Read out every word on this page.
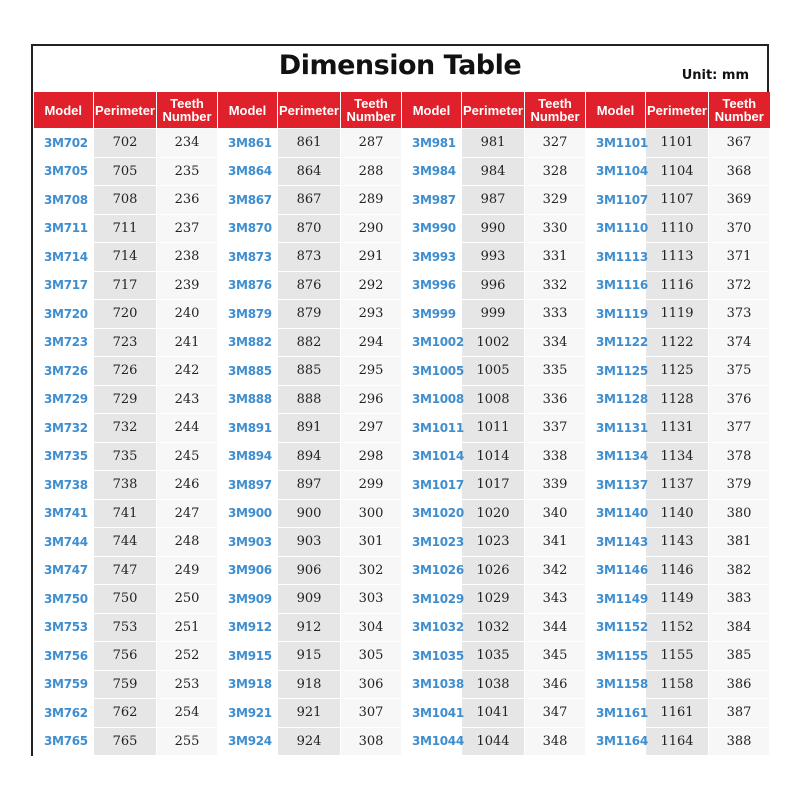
Dimension Table	Unit: mm
Model	Perimeter	Teeth Number	Model	Perimeter	Teeth Number	Model	Perimeter	Teeth Number	Model	Perimeter	Teeth Number
3M702	702	234	3M861	861	287	3M981	981	327	3M1101	1101	367
3M705	705	235	3M864	864	288	3M984	984	328	3M1104	1104	368
3M708	708	236	3M867	867	289	3M987	987	329	3M1107	1107	369
3M711	711	237	3M870	870	290	3M990	990	330	3M1110	1110	370
3M714	714	238	3M873	873	291	3M993	993	331	3M1113	1113	371
3M717	717	239	3M876	876	292	3M996	996	332	3M1116	1116	372
3M720	720	240	3M879	879	293	3M999	999	333	3M1119	1119	373
3M723	723	241	3M882	882	294	3M1002	1002	334	3M1122	1122	374
3M726	726	242	3M885	885	295	3M1005	1005	335	3M1125	1125	375
3M729	729	243	3M888	888	296	3M1008	1008	336	3M1128	1128	376
3M732	732	244	3M891	891	297	3M1011	1011	337	3M1131	1131	377
3M735	735	245	3M894	894	298	3M1014	1014	338	3M1134	1134	378
3M738	738	246	3M897	897	299	3M1017	1017	339	3M1137	1137	379
3M741	741	247	3M900	900	300	3M1020	1020	340	3M1140	1140	380
3M744	744	248	3M903	903	301	3M1023	1023	341	3M1143	1143	381
3M747	747	249	3M906	906	302	3M1026	1026	342	3M1146	1146	382
3M750	750	250	3M909	909	303	3M1029	1029	343	3M1149	1149	383
3M753	753	251	3M912	912	304	3M1032	1032	344	3M1152	1152	384
3M756	756	252	3M915	915	305	3M1035	1035	345	3M1155	1155	385
3M759	759	253	3M918	918	306	3M1038	1038	346	3M1158	1158	386
3M762	762	254	3M921	921	307	3M1041	1041	347	3M1161	1161	387
3M765	765	255	3M924	924	308	3M1044	1044	348	3M1164	1164	388
